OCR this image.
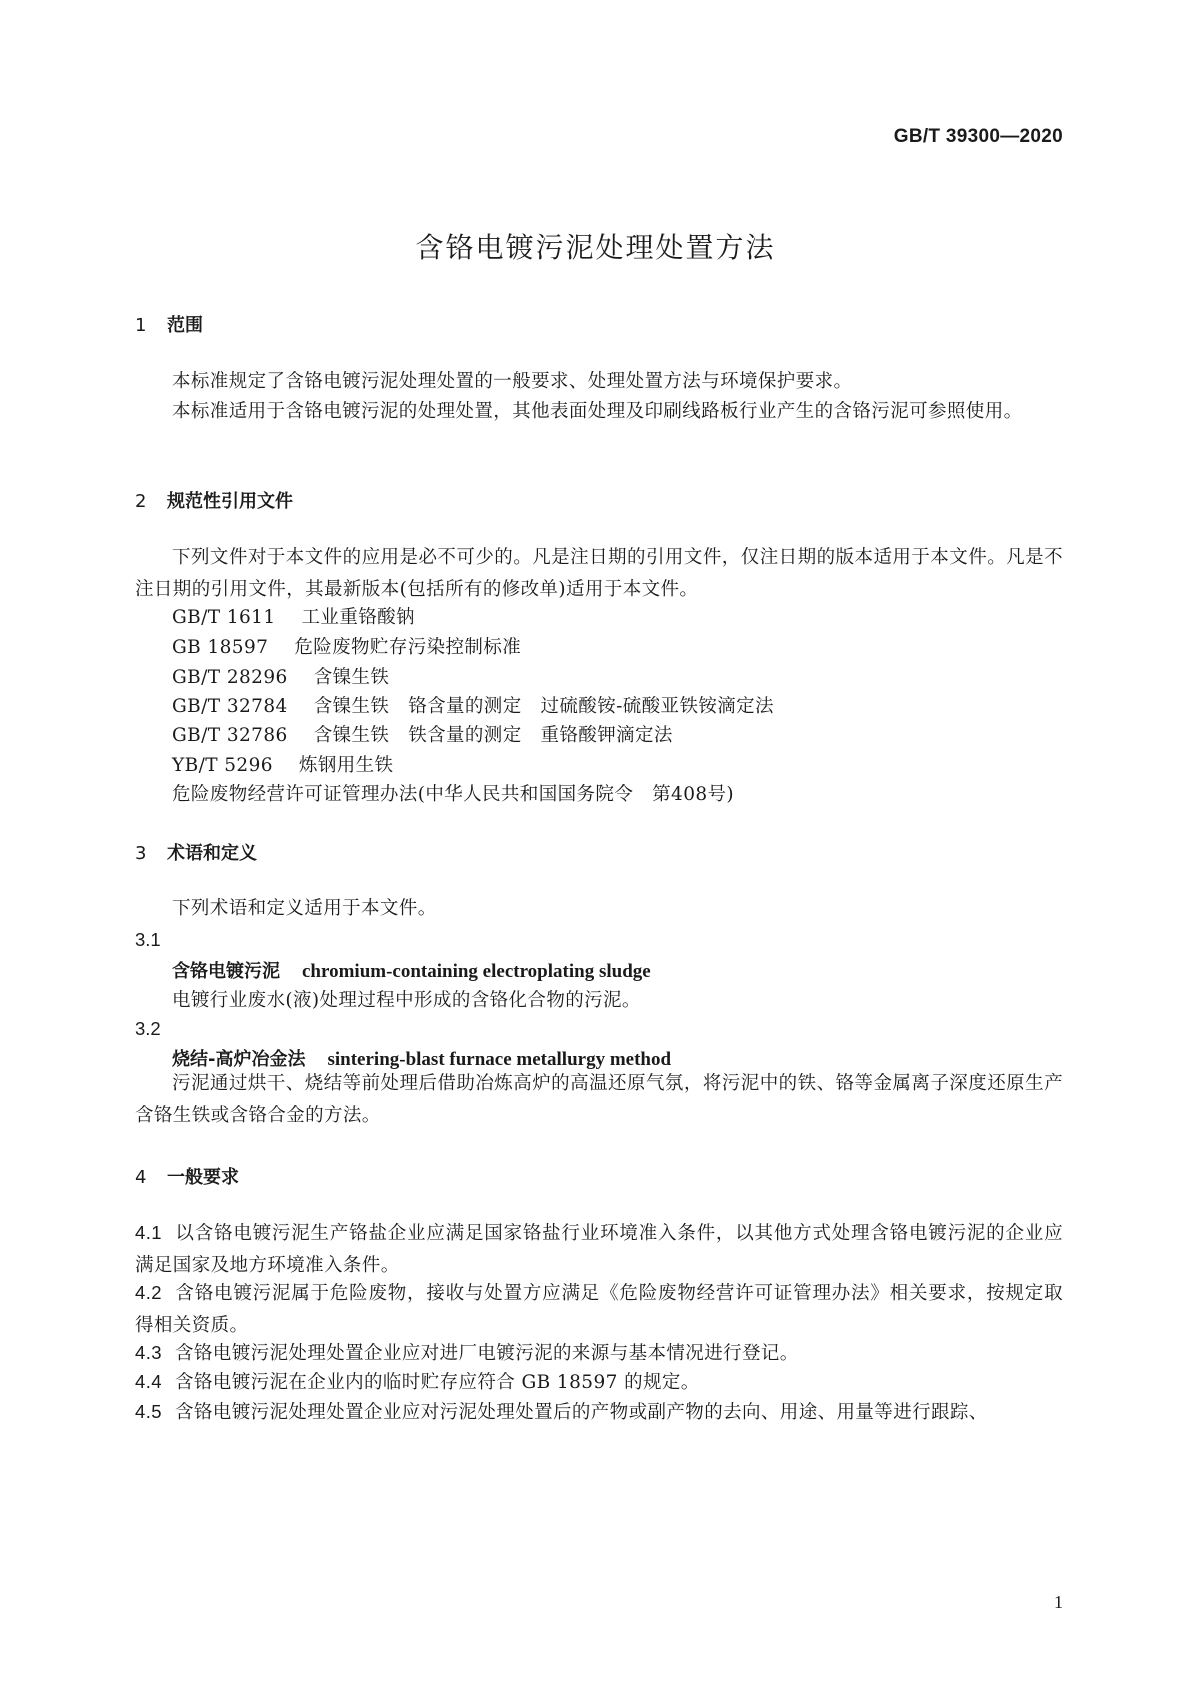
GB/T 39300—2020
含铬电镀污泥处理处置方法
1 范围
本标准规定了含铬电镀污泥处理处置的一般要求、处理处置方法与环境保护要求。
本标准适用于含铬电镀污泥的处理处置，其他表面处理及印刷线路板行业产生的含铬污泥可参照使用。
2 规范性引用文件
下列文件对于本文件的应用是必不可少的。凡是注日期的引用文件，仅注日期的版本适用于本文件。凡是不注日期的引用文件，其最新版本(包括所有的修改单)适用于本文件。
GB/T 1611 工业重铬酸钠
GB 18597 危险废物贮存污染控制标准
GB/T 28296 含镍生铁
GB/T 32784 含镍生铁　铬含量的测定　过硫酸铵-硫酸亚铁铵滴定法
GB/T 32786 含镍生铁　铁含量的测定　重铬酸钾滴定法
YB/T 5296 炼钢用生铁
危险废物经营许可证管理办法(中华人民共和国国务院令　第408号)
3 术语和定义
下列术语和定义适用于本文件。
3.1
含铬电镀污泥 chromium-containing electroplating sludge
电镀行业废水(液)处理过程中形成的含铬化合物的污泥。
3.2
烧结-高炉冶金法 sintering-blast furnace metallurgy method
污泥通过烘干、烧结等前处理后借助冶炼高炉的高温还原气氛，将污泥中的铁、铬等金属离子深度还原生产含铬生铁或含铬合金的方法。
4 一般要求
4.1 以含铬电镀污泥生产铬盐企业应满足国家铬盐行业环境准入条件，以其他方式处理含铬电镀污泥的企业应满足国家及地方环境准入条件。
4.2 含铬电镀污泥属于危险废物，接收与处置方应满足《危险废物经营许可证管理办法》相关要求，按规定取得相关资质。
4.3 含铬电镀污泥处理处置企业应对进厂电镀污泥的来源与基本情况进行登记。
4.4 含铬电镀污泥在企业内的临时贮存应符合 GB 18597 的规定。
4.5 含铬电镀污泥处理处置企业应对污泥处理处置后的产物或副产物的去向、用途、用量等进行跟踪、
1
